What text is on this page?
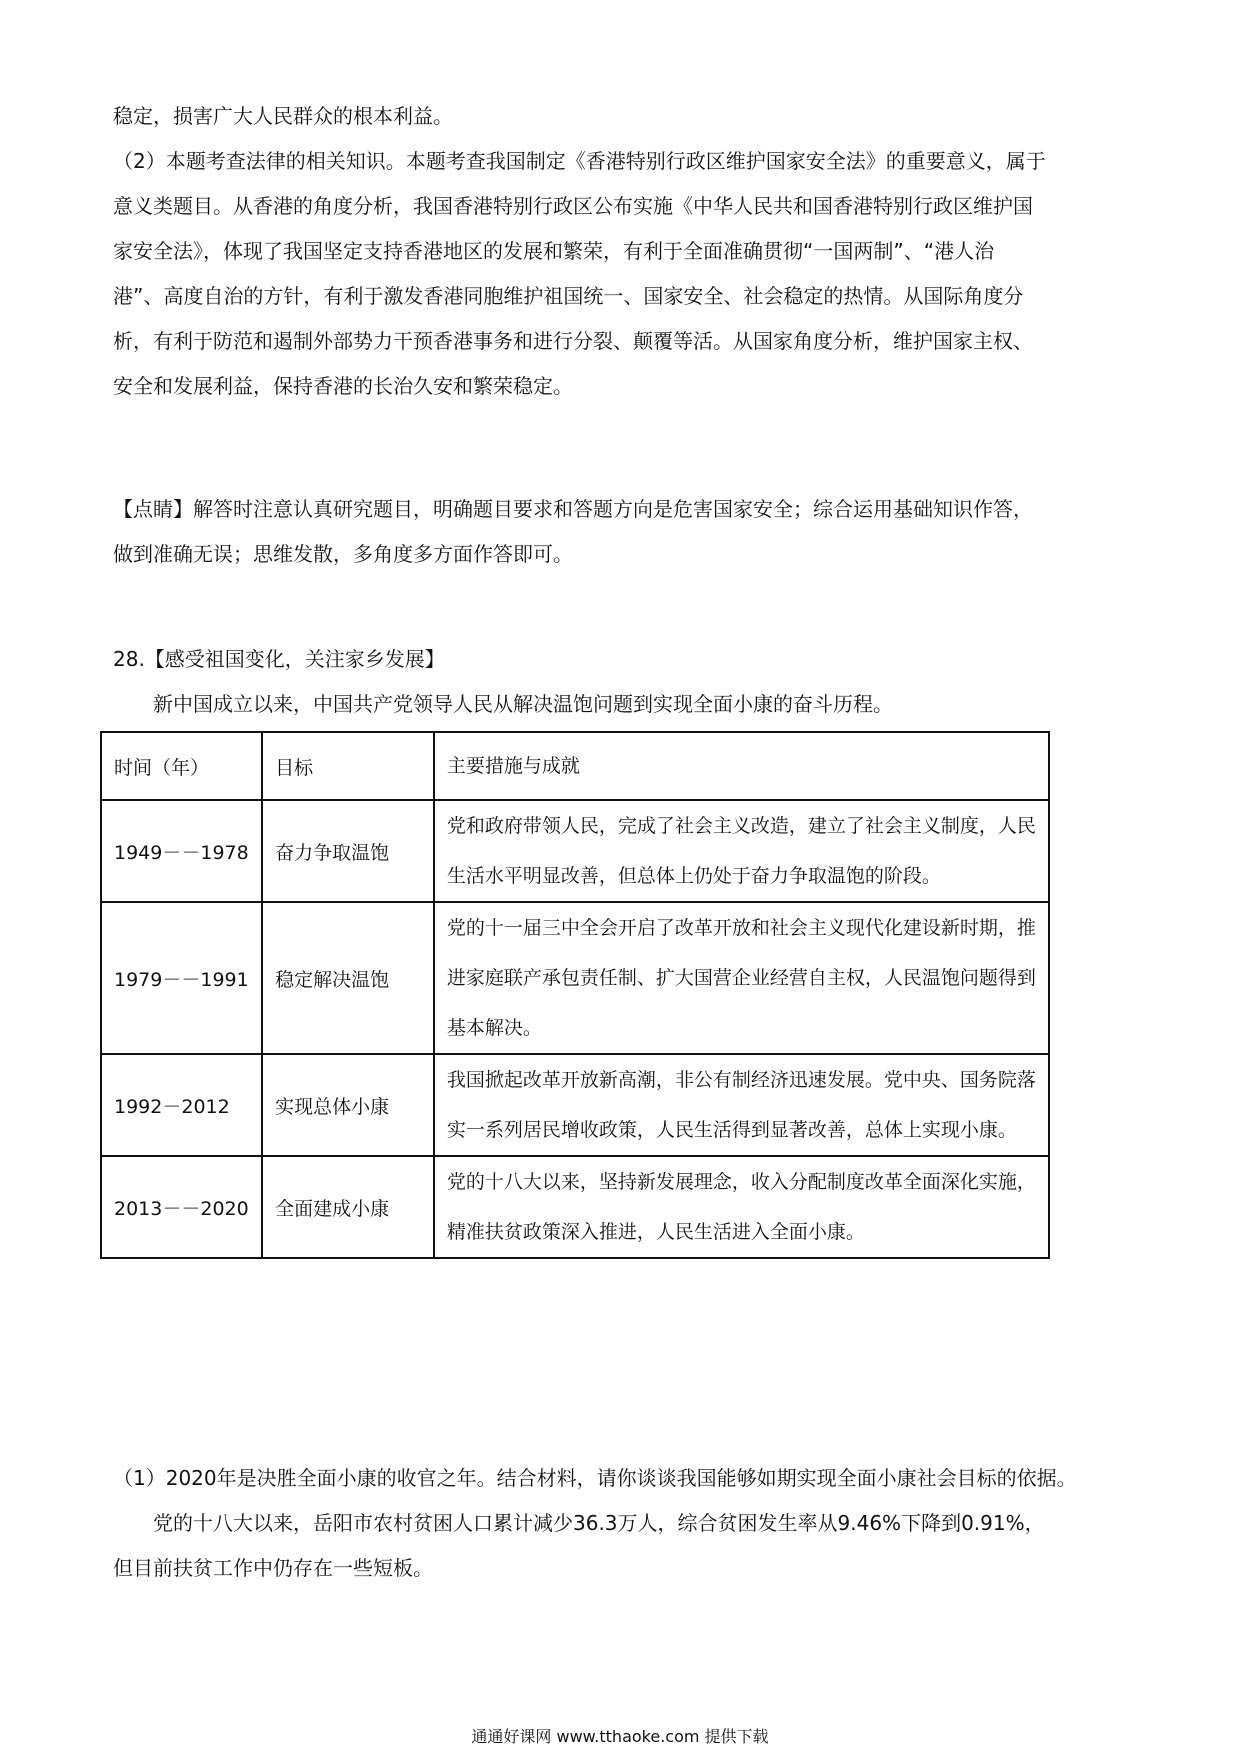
稳定，损害广大人民群众的根本利益。

（2）本题考查法律的相关知识。本题考查我国制定《香港特别行政区维护国家安全法》的重要意义，属于

意义类题目。从香港的角度分析，我国香港特别行政区公布实施《中华人民共和国香港特别行政区维护国

家安全法》，体现了我国坚定支持香港地区的发展和繁荣，有利于全面准确贯彻“一国两制”、“港人治

港”、高度自治的方针，有利于激发香港同胞维护祖国统一、国家安全、社会稳定的热情。从国际角度分

析，有利于防范和遏制外部势力干预香港事务和进行分裂、颠覆等活。从国家角度分析，维护国家主权、

安全和发展利益，保持香港的长治久安和繁荣稳定。

【点睛】解答时注意认真研究题目，明确题目要求和答题方向是危害国家安全；综合运用基础知识作答，

做到准确无误；思维发散，多角度多方面作答即可。

28.【感受祖国变化，关注家乡发展】

新中国成立以来，中国共产党领导人民从解决温饱问题到实现全面小康的奋斗历程。

时间（年）	目标	主要措施与成就
1949－－1978	奋力争取温饱	党和政府带领人民，完成了社会主义改造，建立了社会主义制度，人民生活水平明显改善，但总体上仍处于奋力争取温饱的阶段。
1979－－1991	稳定解决温饱	党的十一届三中全会开启了改革开放和社会主义现代化建设新时期，推进家庭联产承包责任制、扩大国营企业经营自主权，人民温饱问题得到基本解决。
1992－2012	实现总体小康	我国掀起改革开放新高潮，非公有制经济迅速发展。党中央、国务院落实一系列居民增收政策，人民生活得到显著改善，总体上实现小康。
2013－－2020	全面建成小康	党的十八大以来，坚持新发展理念，收入分配制度改革全面深化实施，精准扶贫政策深入推进，人民生活进入全面小康。

（1）2020年是决胜全面小康的收官之年。结合材料，请你谈谈我国能够如期实现全面小康社会目标的依据。

党的十八大以来，岳阳市农村贫困人口累计减少36.3万人，综合贫困发生率从9.46%下降到0.91%，

但目前扶贫工作中仍存在一些短板。

通通好课网 www.tthaoke.com 提供下载
